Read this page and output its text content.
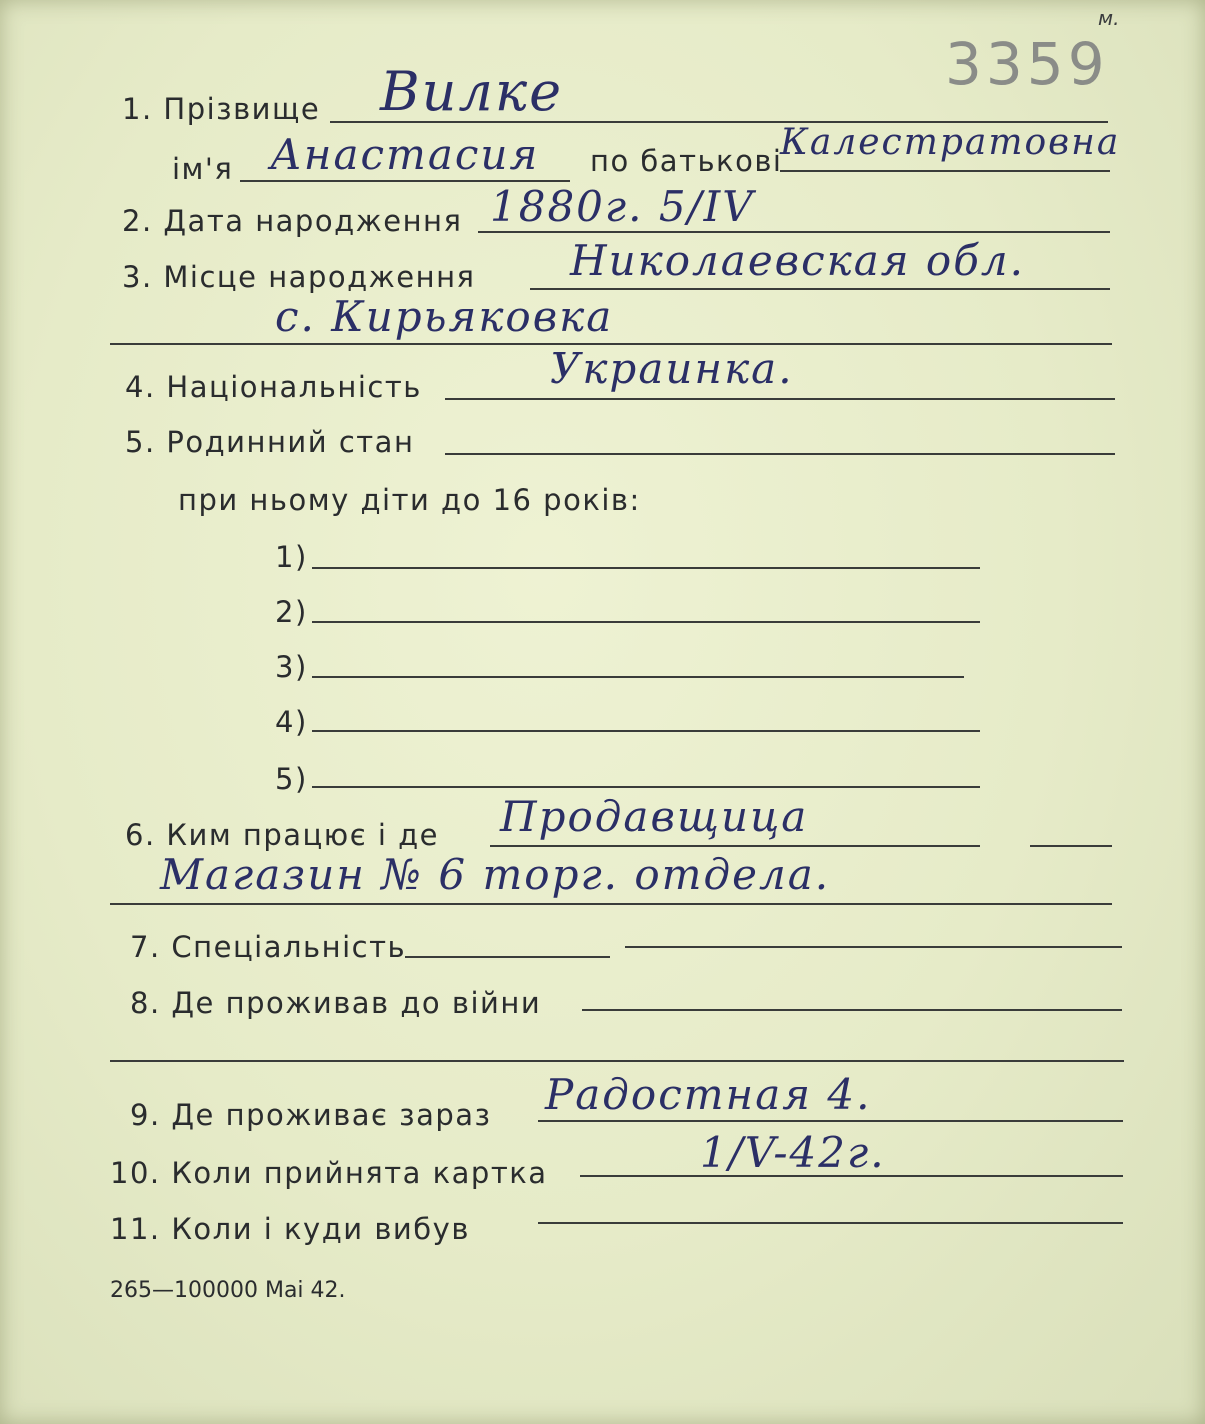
3359
м.
1. Прізвище Вилке
ім'я Анастасия по батькові
Калестратовна
2. Дата народження 1880г. 5/IV
3. Місце народження Николаевская обл.
с. Кирьяковка
4. Національність	Украинка.
5. Родинний стан
при ньому діти до 16 років:
1)
2)
3)
4)
5)
6. Ким працює і де Продавщица
Магазин № 6 торг. отдела.
7. Спеціальність
8. Де проживав до війни
9. Де проживає зараз Радостная 4.
10. Коли прийнята картка	1/V-42г.
11. Коли і куди вибув
265—100000 Маі 42.
